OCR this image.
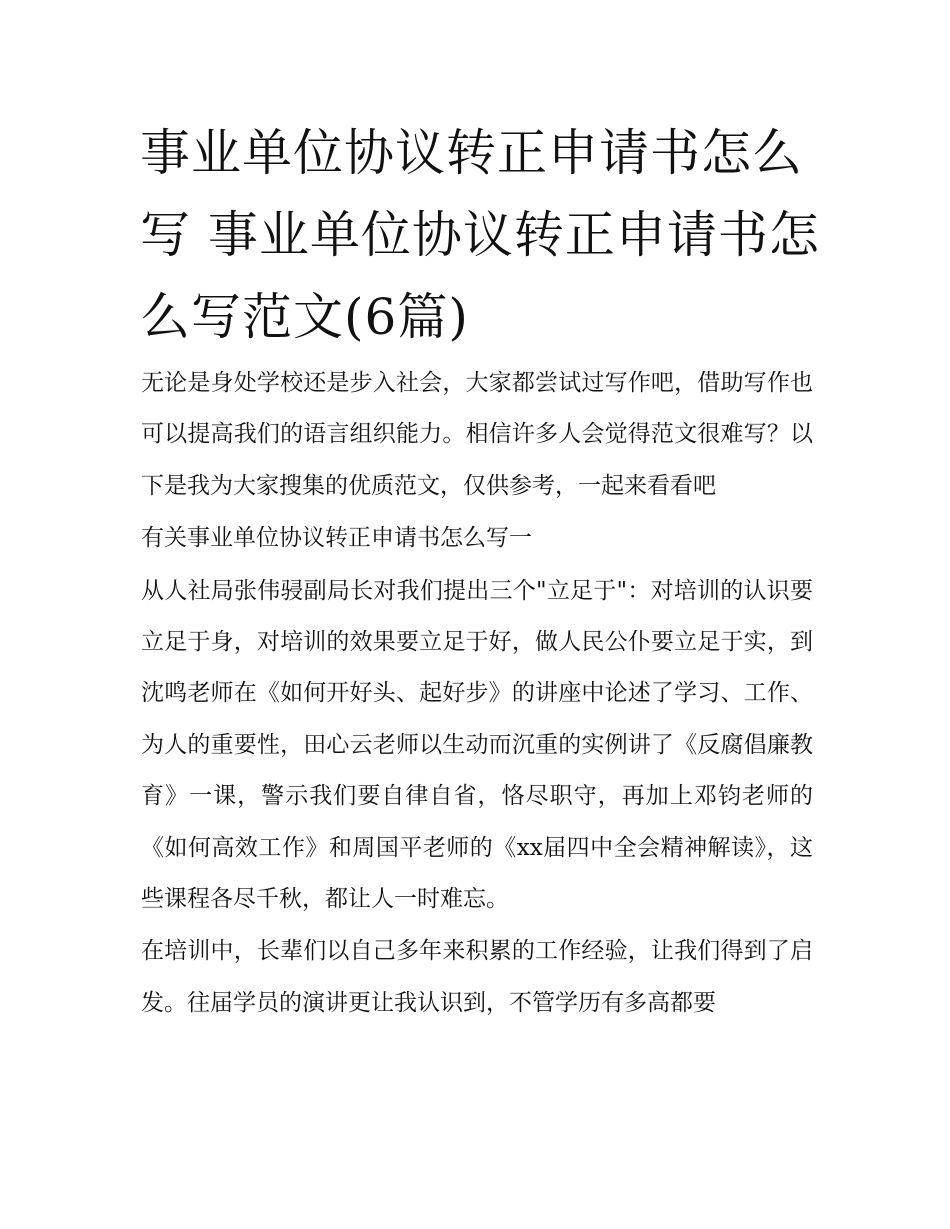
事业单位协议转正申请书怎么写 事业单位协议转正申请书怎么写范文(6篇)

无论是身处学校还是步入社会，大家都尝试过写作吧，借助写作也可以提高我们的语言组织能力。相信许多人会觉得范文很难写？以下是我为大家搜集的优质范文，仅供参考，一起来看看吧

有关事业单位协议转正申请书怎么写一

从人社局张伟骎副局长对我们提出三个"立足于"：对培训的认识要立足于身，对培训的效果要立足于好，做人民公仆要立足于实，到沈鸣老师在《如何开好头、起好步》的讲座中论述了学习、工作、为人的重要性，田心云老师以生动而沉重的实例讲了《反腐倡廉教育》一课，警示我们要自律自省，恪尽职守，再加上邓钧老师的《如何高效工作》和周国平老师的《xx届四中全会精神解读》，这些课程各尽千秋，都让人一时难忘。

在培训中，长辈们以自己多年来积累的工作经验，让我们得到了启发。往届学员的演讲更让我认识到，不管学历有多高都要
